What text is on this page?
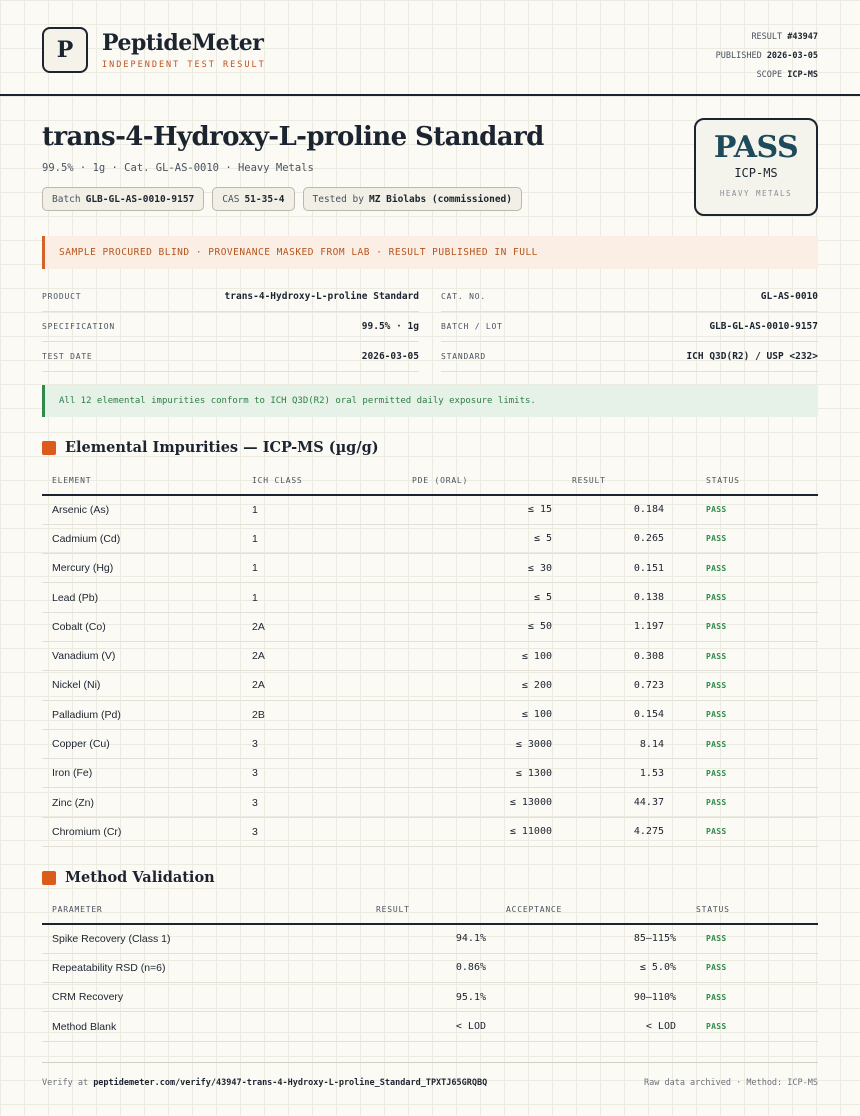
P	PeptideMeter
INDEPENDENT TEST RESULT
RESULT #43947
PUBLISHED 2026-03-05
SCOPE ICP-MS
trans-4-Hydroxy-L-proline Standard
99.5% · 1g · Cat. GL-AS-0010 · Heavy Metals
Batch GLB-GL-AS-0010-9157	CAS 51-35-4	Tested by MZ Biolabs (commissioned)
PASS
ICP-MS
HEAVY METALS
SAMPLE PROCURED BLIND · PROVENANCE MASKED FROM LAB · RESULT PUBLISHED IN FULL
PRODUCT	trans-4-Hydroxy-L-proline Standard	CAT. NO.	GL-AS-0010
SPECIFICATION	99.5% · 1g	BATCH / LOT	GLB-GL-AS-0010-9157
TEST DATE	2026-03-05	STANDARD	ICH Q3D(R2) / USP <232>
All 12 elemental impurities conform to ICH Q3D(R2) oral permitted daily exposure limits.
Elemental Impurities — ICP-MS (µg/g)
ELEMENT	ICH CLASS	PDE (ORAL)	RESULT	STATUS
Arsenic (As)	1	≤ 15	0.184	PASS
Cadmium (Cd)	1	≤ 5	0.265	PASS
Mercury (Hg)	1	≤ 30	0.151	PASS
Lead (Pb)	1	≤ 5	0.138	PASS
Cobalt (Co)	2A	≤ 50	1.197	PASS
Vanadium (V)	2A	≤ 100	0.308	PASS
Nickel (Ni)	2A	≤ 200	0.723	PASS
Palladium (Pd)	2B	≤ 100	0.154	PASS
Copper (Cu)	3	≤ 3000	8.14	PASS
Iron (Fe)	3	≤ 1300	1.53	PASS
Zinc (Zn)	3	≤ 13000	44.37	PASS
Chromium (Cr)	3	≤ 11000	4.275	PASS
Method Validation
PARAMETER	RESULT	ACCEPTANCE	STATUS
Spike Recovery (Class 1)	94.1%	85–115%	PASS
Repeatability RSD (n=6)	0.86%	≤ 5.0%	PASS
CRM Recovery	95.1%	90–110%	PASS
Method Blank	< LOD	< LOD	PASS
Verify at peptidemeter.com/verify/43947-trans-4-Hydroxy-L-proline_Standard_TPXTJ65GRQBQ	Raw data archived · Method: ICP-MS
